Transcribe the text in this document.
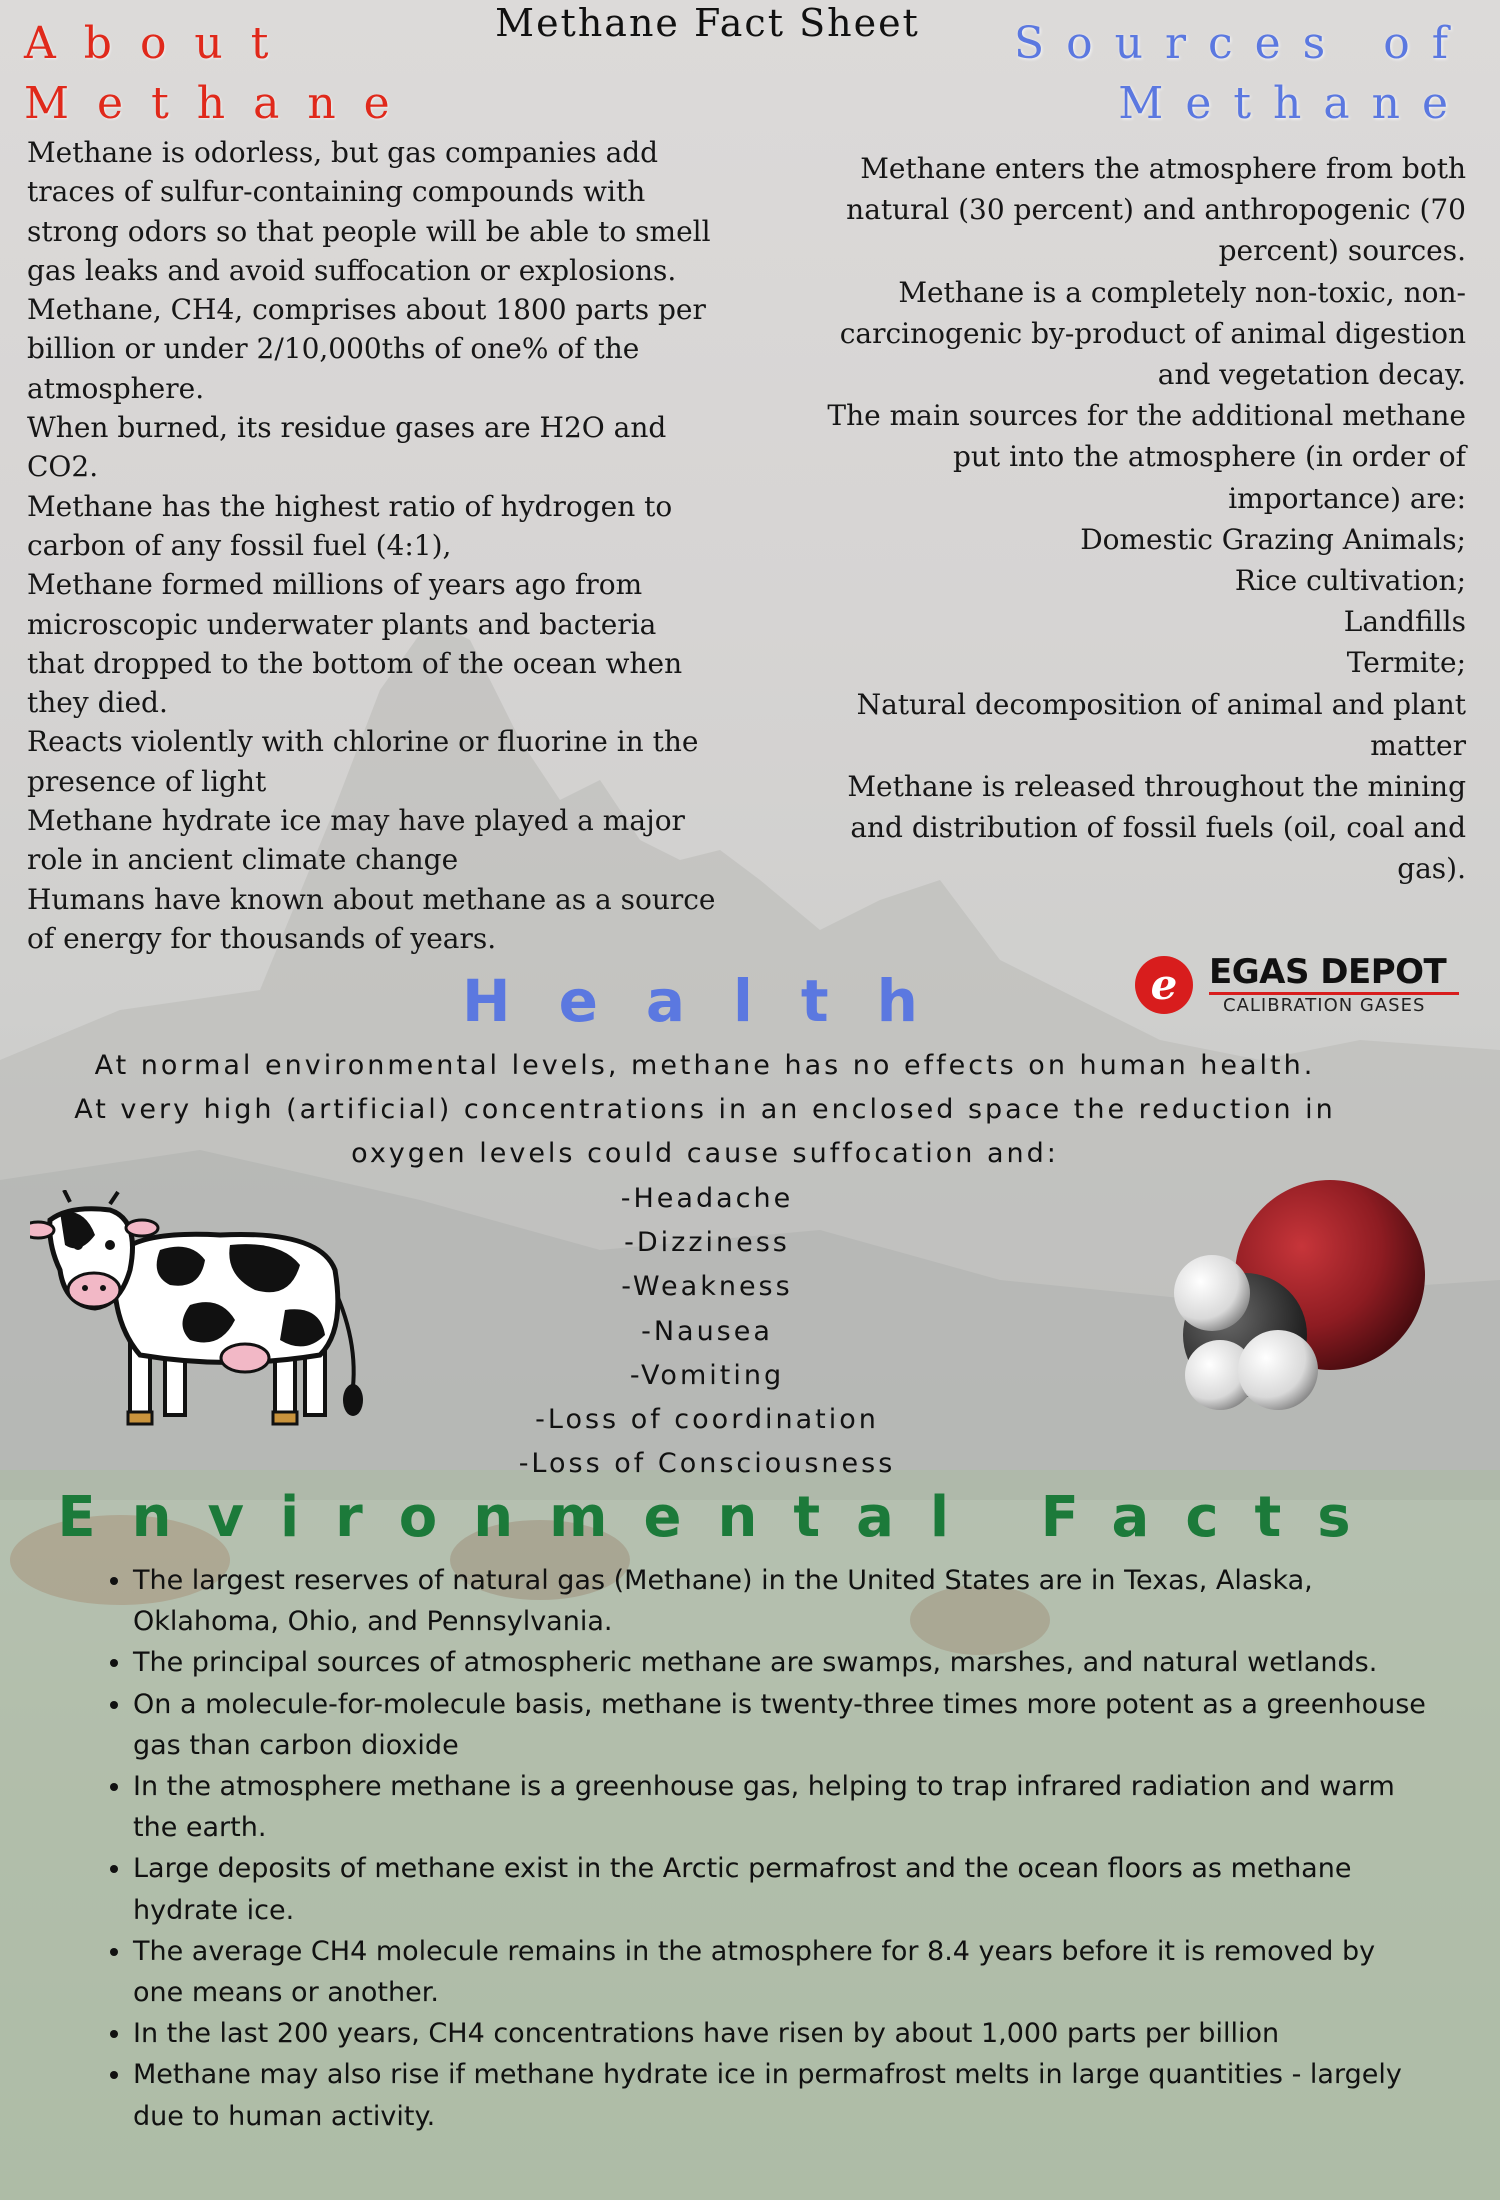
Methane Fact Sheet
About
Methane
Sources of
Methane

Methane is odorless, but gas companies add traces of sulfur-containing compounds with strong odors so that people will be able to smell gas leaks and avoid suffocation or explosions.

Methane, CH4, comprises about 1800 parts per billion or under 2/10,000ths of one% of the atmosphere.

When burned, its residue gases are H2O and CO2.

Methane has the highest ratio of hydrogen to carbon of any fossil fuel (4:1),

Methane formed millions of years ago from microscopic underwater plants and bacteria that dropped to the bottom of the ocean when they died.

Reacts violently with chlorine or fluorine in the presence of light

Methane hydrate ice may have played a major role in ancient climate change

Humans have known about methane as a source of energy for thousands of years.

Methane enters the atmosphere from both natural (30 percent) and anthropogenic (70 percent) sources.

Methane is a completely non-toxic, non-carcinogenic by-product of animal digestion and vegetation decay.

The main sources for the additional methane put into the atmosphere (in order of importance) are:

Domestic Grazing Animals;

Rice cultivation;

Landfills

Termite;

Natural decomposition of animal and plant matter

Methane is released throughout the mining and distribution of fossil fuels (oil, coal and gas).

e EGAS DEPOT
CALIBRATION GASES
Health

At normal environmental levels, methane has no effects on human health.

At very high (artificial) concentrations in an enclosed space the reduction in

oxygen levels could cause suffocation and:

-Headache
-Dizziness
-Weakness
-Nausea
-Vomiting
-Loss of coordination
-Loss of Consciousness
Environmental Facts
The largest reserves of natural gas (Methane) in the United States are in Texas, Alaska, Oklahoma, Ohio, and Pennsylvania.
The principal sources of atmospheric methane are swamps, marshes, and natural wetlands.
On a molecule-for-molecule basis, methane is twenty-three times more potent as a greenhouse gas than carbon dioxide
In the atmosphere methane is a greenhouse gas, helping to trap infrared radiation and warm the earth.
Large deposits of methane exist in the Arctic permafrost and the ocean floors as methane hydrate ice.
The average CH4 molecule remains in the atmosphere for 8.4 years before it is removed by one means or another.
In the last 200 years, CH4 concentrations have risen by about 1,000 parts per billion
Methane may also rise if methane hydrate ice in permafrost melts in large quantities - largely due to human activity.
